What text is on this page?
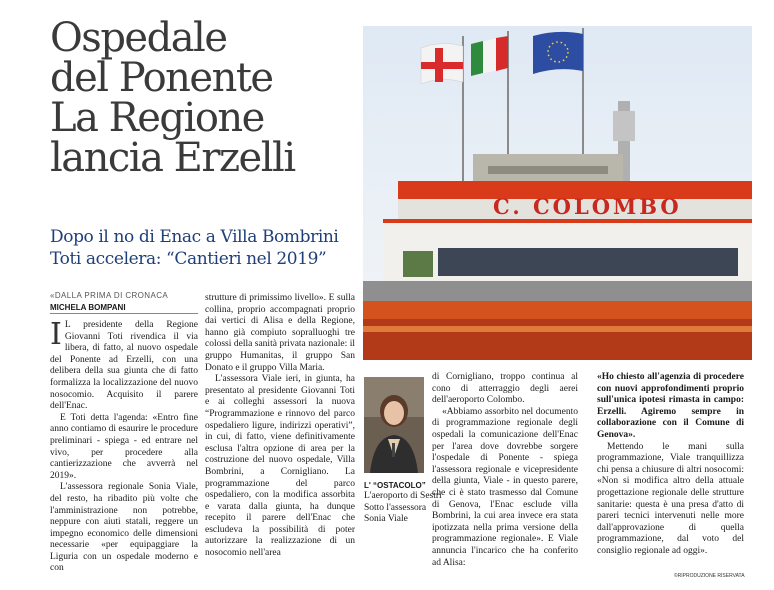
Ospedale
del Ponente
La Regione
lancia Erzelli
Dopo il no di Enac a Villa Bombrini
Toti accelera: “Cantieri nel 2019”
«DALLA PRIMA DI CRONACA
MICHELA BOMPANI

I L presidente della Regione Giovanni Toti rivendica il via libera, di fatto, al nuovo ospedale del Ponente ad Erzelli, con una delibera della sua giunta che di fatto formalizza la localizzazione del nuovo nosocomio. Acquisito il parere dell'Enac.

E Toti detta l'agenda: «Entro fine anno contiamo di esaurire le procedure preliminari - spiega - ed entrare nel vivo, per procedere alla cantierizzazione che avverrà nel 2019».

L'assessora regionale Sonia Viale, del resto, ha ribadito più volte che l'amministrazione non potrebbe, neppure con aiuti statali, reggere un impegno economico delle dimensioni necessarie «per equipaggiare la Liguria con un ospedale moderno e con

strutture di primissimo livello». E sulla collina, proprio accompagnati proprio dai vertici di Alisa e della Regione, hanno già compiuto sopralluoghi tre colossi della sanità privata nazionale: il gruppo Humanitas, il gruppo San Donato e il gruppo Villa Maria.

L'assessora Viale ieri, in giunta, ha presentato al presidente Giovanni Toti e ai colleghi assessori la nuova “Programmazione e rinnovo del parco ospedaliero ligure, indirizzi operativi”, in cui, di fatto, viene definitivamente esclusa l'altra opzione di area per la costruzione del nuovo ospedale, Villa Bombrini, a Cornigliano. La programmazione del parco ospedaliero, con la modifica assorbita e varata dalla giunta, ha dunque recepito il parere dell'Enac che escludeva la possibilità di poter autorizzare la realizzazione di un nosocomio nell'area

C. COLOMBO
L' “OSTACOLO”
L'aeroporto di Sestri
Sotto l'assessora
Sonia Viale

di Cornigliano, troppo continua al cono di atterraggio degli aerei dell'aeroporto Colombo.

«Abbiamo assorbito nel documento di programmazione regionale degli ospedali la comunicazione dell'Enac per l'area dove dovrebbe sorgere l'ospedale di Ponente - spiega l'assessora regionale e vicepresidente della giunta, Viale - in questo parere, che ci è stato trasmesso dal Comune di Genova, l'Enac esclude villa Bombrini, la cui area invece era stata ipotizzata nella prima versione della programmazione regionale». E Viale annuncia l'incarico che ha conferito ad Alisa:

«Ho chiesto all'agenzia di procedere con nuovi approfondimenti proprio sull'unica ipotesi rimasta in campo: Erzelli. Agiremo sempre in collaborazione con il Comune di Genova».

Mettendo le mani sulla programmazione, Viale tranquillizza chi pensa a chiusure di altri nosocomi: «Non si modifica altro della attuale progettazione regionale delle strutture sanitarie: questa è una presa d'atto di pareri tecnici intervenuti nelle more dall'approvazione di quella programmazione, dal voto del consiglio regionale ad oggi».

©RIPRODUZIONE RISERVATA
